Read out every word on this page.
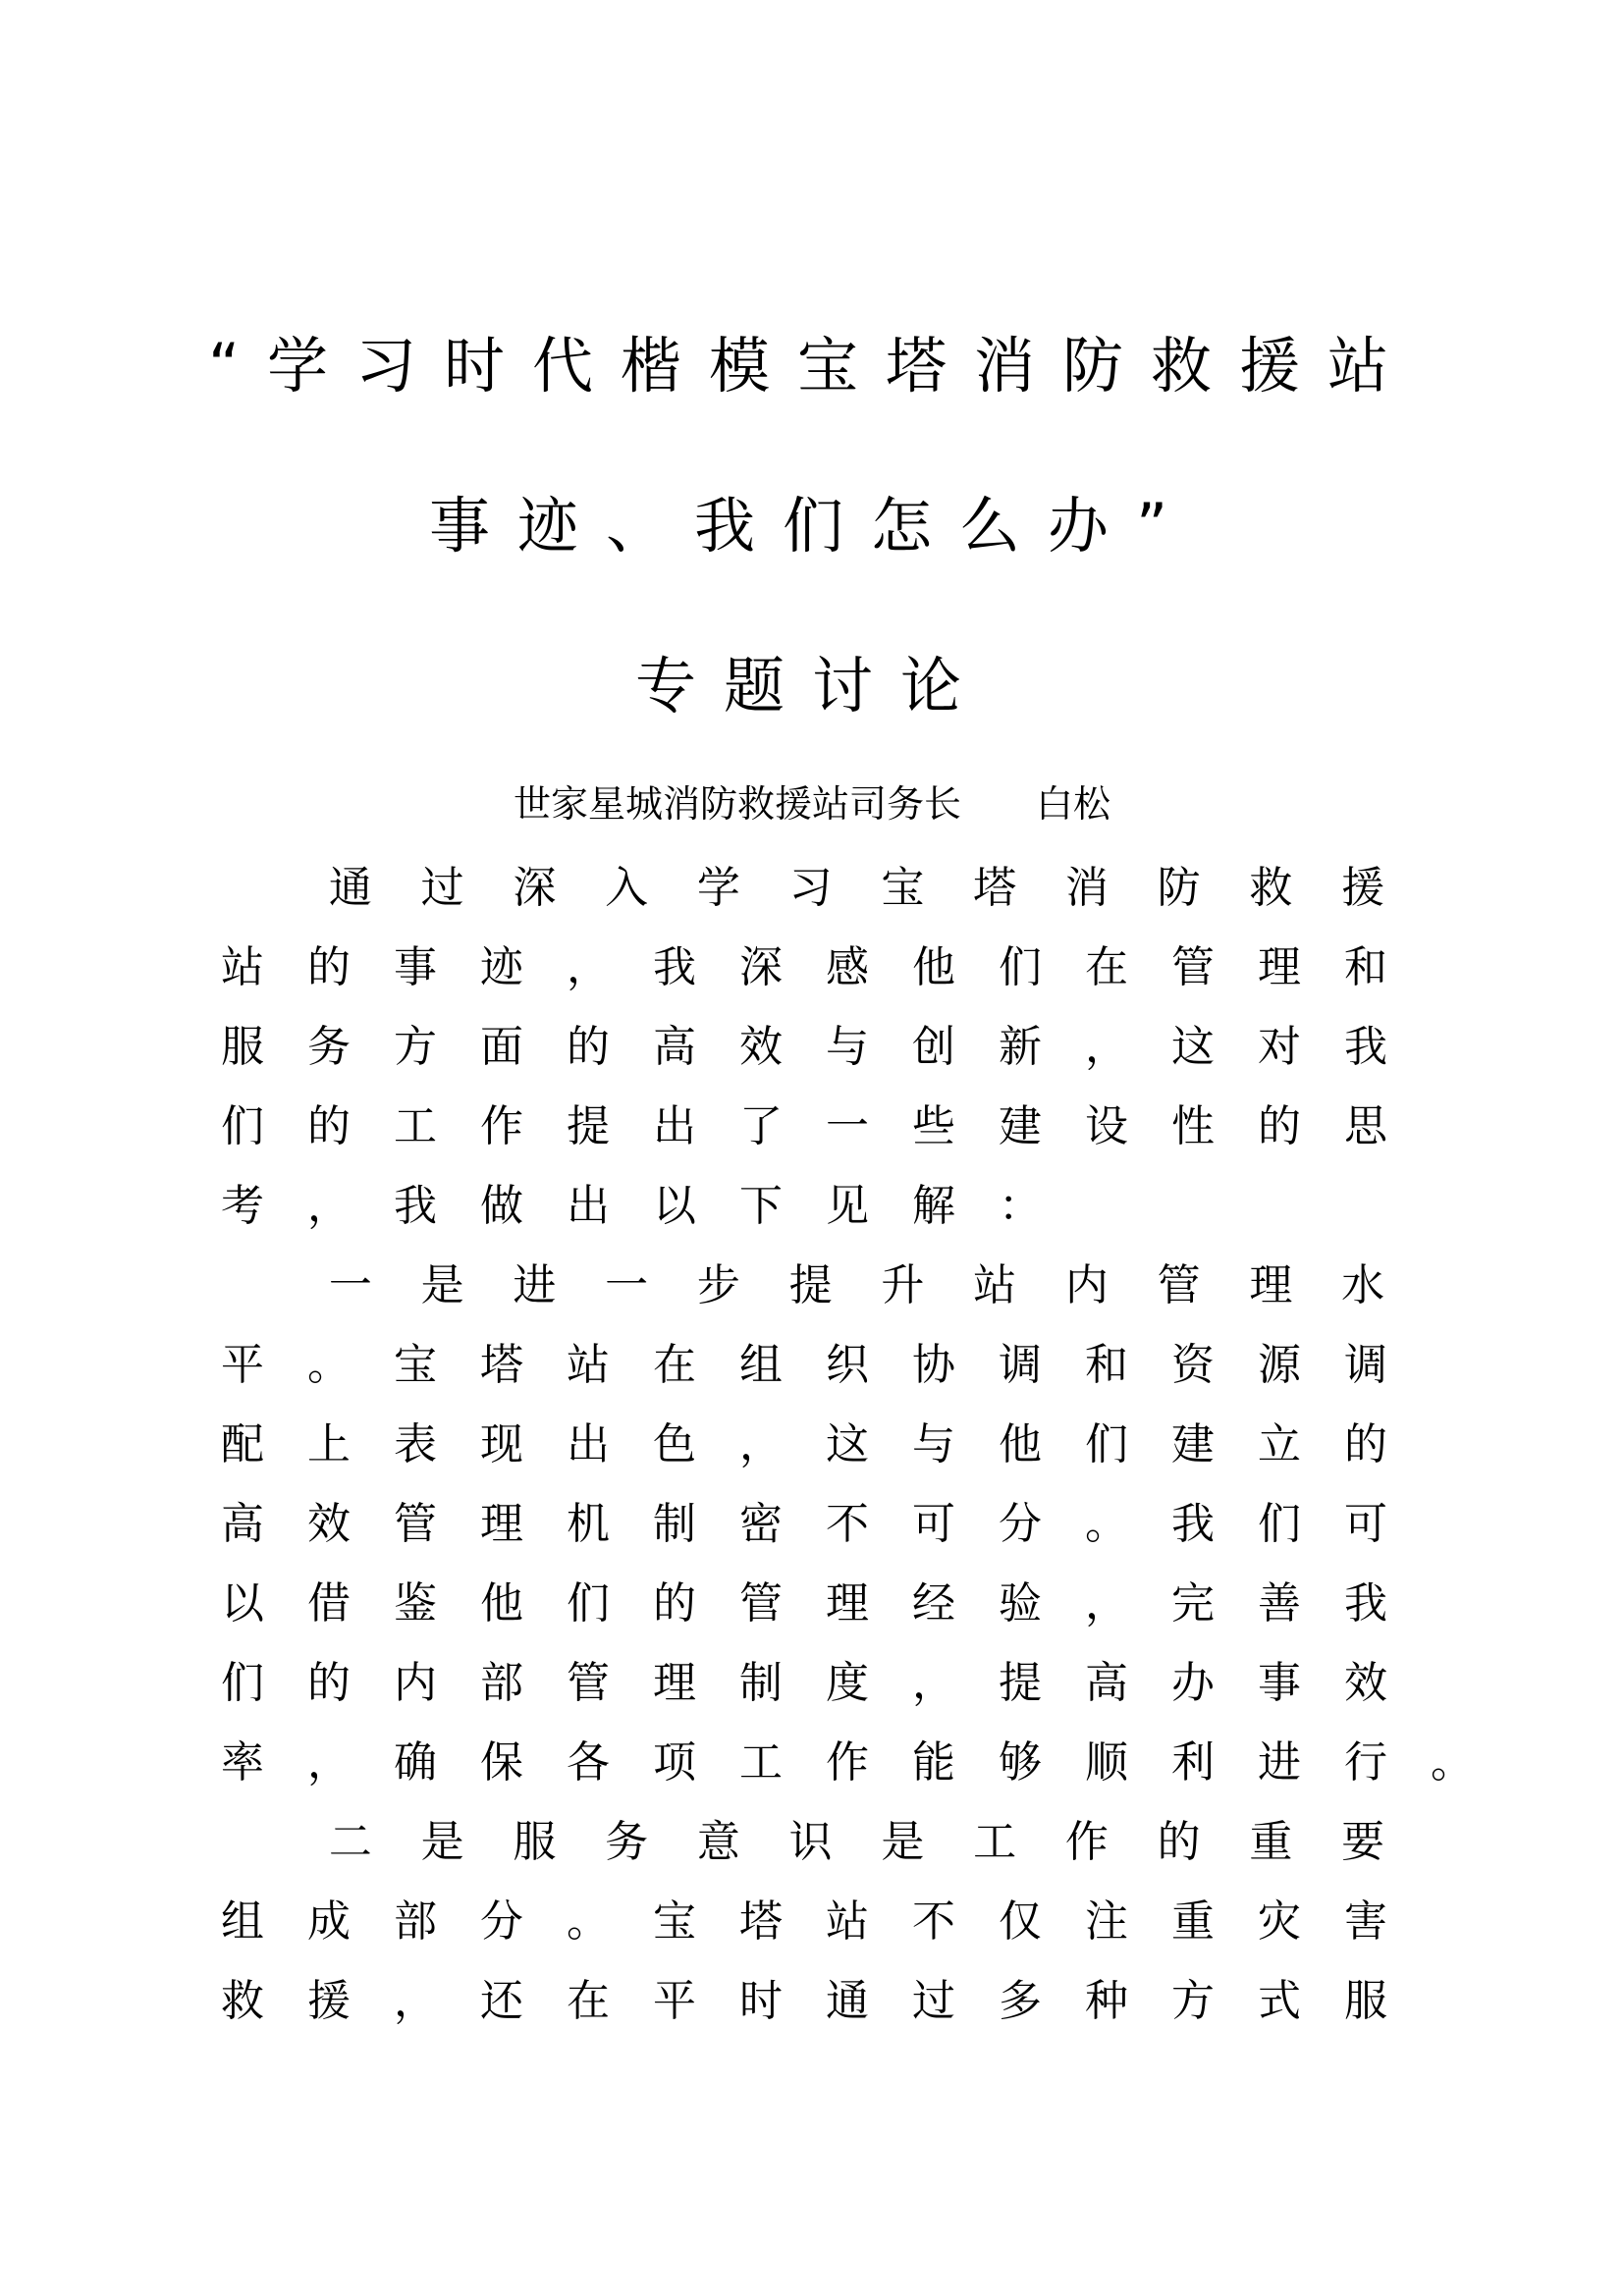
“学习时代楷模宝塔消防救援站
事迹、我们怎么办”
专题讨论
世家星城消防救援站司务长　　白松
通	过	深	入	学	习	宝	塔	消	防	救	援
站	的	事	迹	，	我	深	感	他	们	在	管	理	和
服	务	方	面	的	高	效	与	创	新	，	这	对	我
们	的	工	作	提	出	了	一	些	建	设	性	的	思
考	，	我	做	出	以	下	见	解	：
一	是	进	一	步	提	升	站	内	管	理	水
平	。	宝	塔	站	在	组	织	协	调	和	资	源	调
配	上	表	现	出	色	，	这	与	他	们	建	立	的
高	效	管	理	机	制	密	不	可	分	。	我	们	可
以	借	鉴	他	们	的	管	理	经	验	，	完	善	我
们	的	内	部	管	理	制	度	，	提	高	办	事	效
率	，	确	保	各	项	工	作	能	够	顺	利	进	行	。
二	是	服	务	意	识	是	工	作	的	重	要
组	成	部	分	。	宝	塔	站	不	仅	注	重	灾	害
救	援	，	还	在	平	时	通	过	多	种	方	式	服
